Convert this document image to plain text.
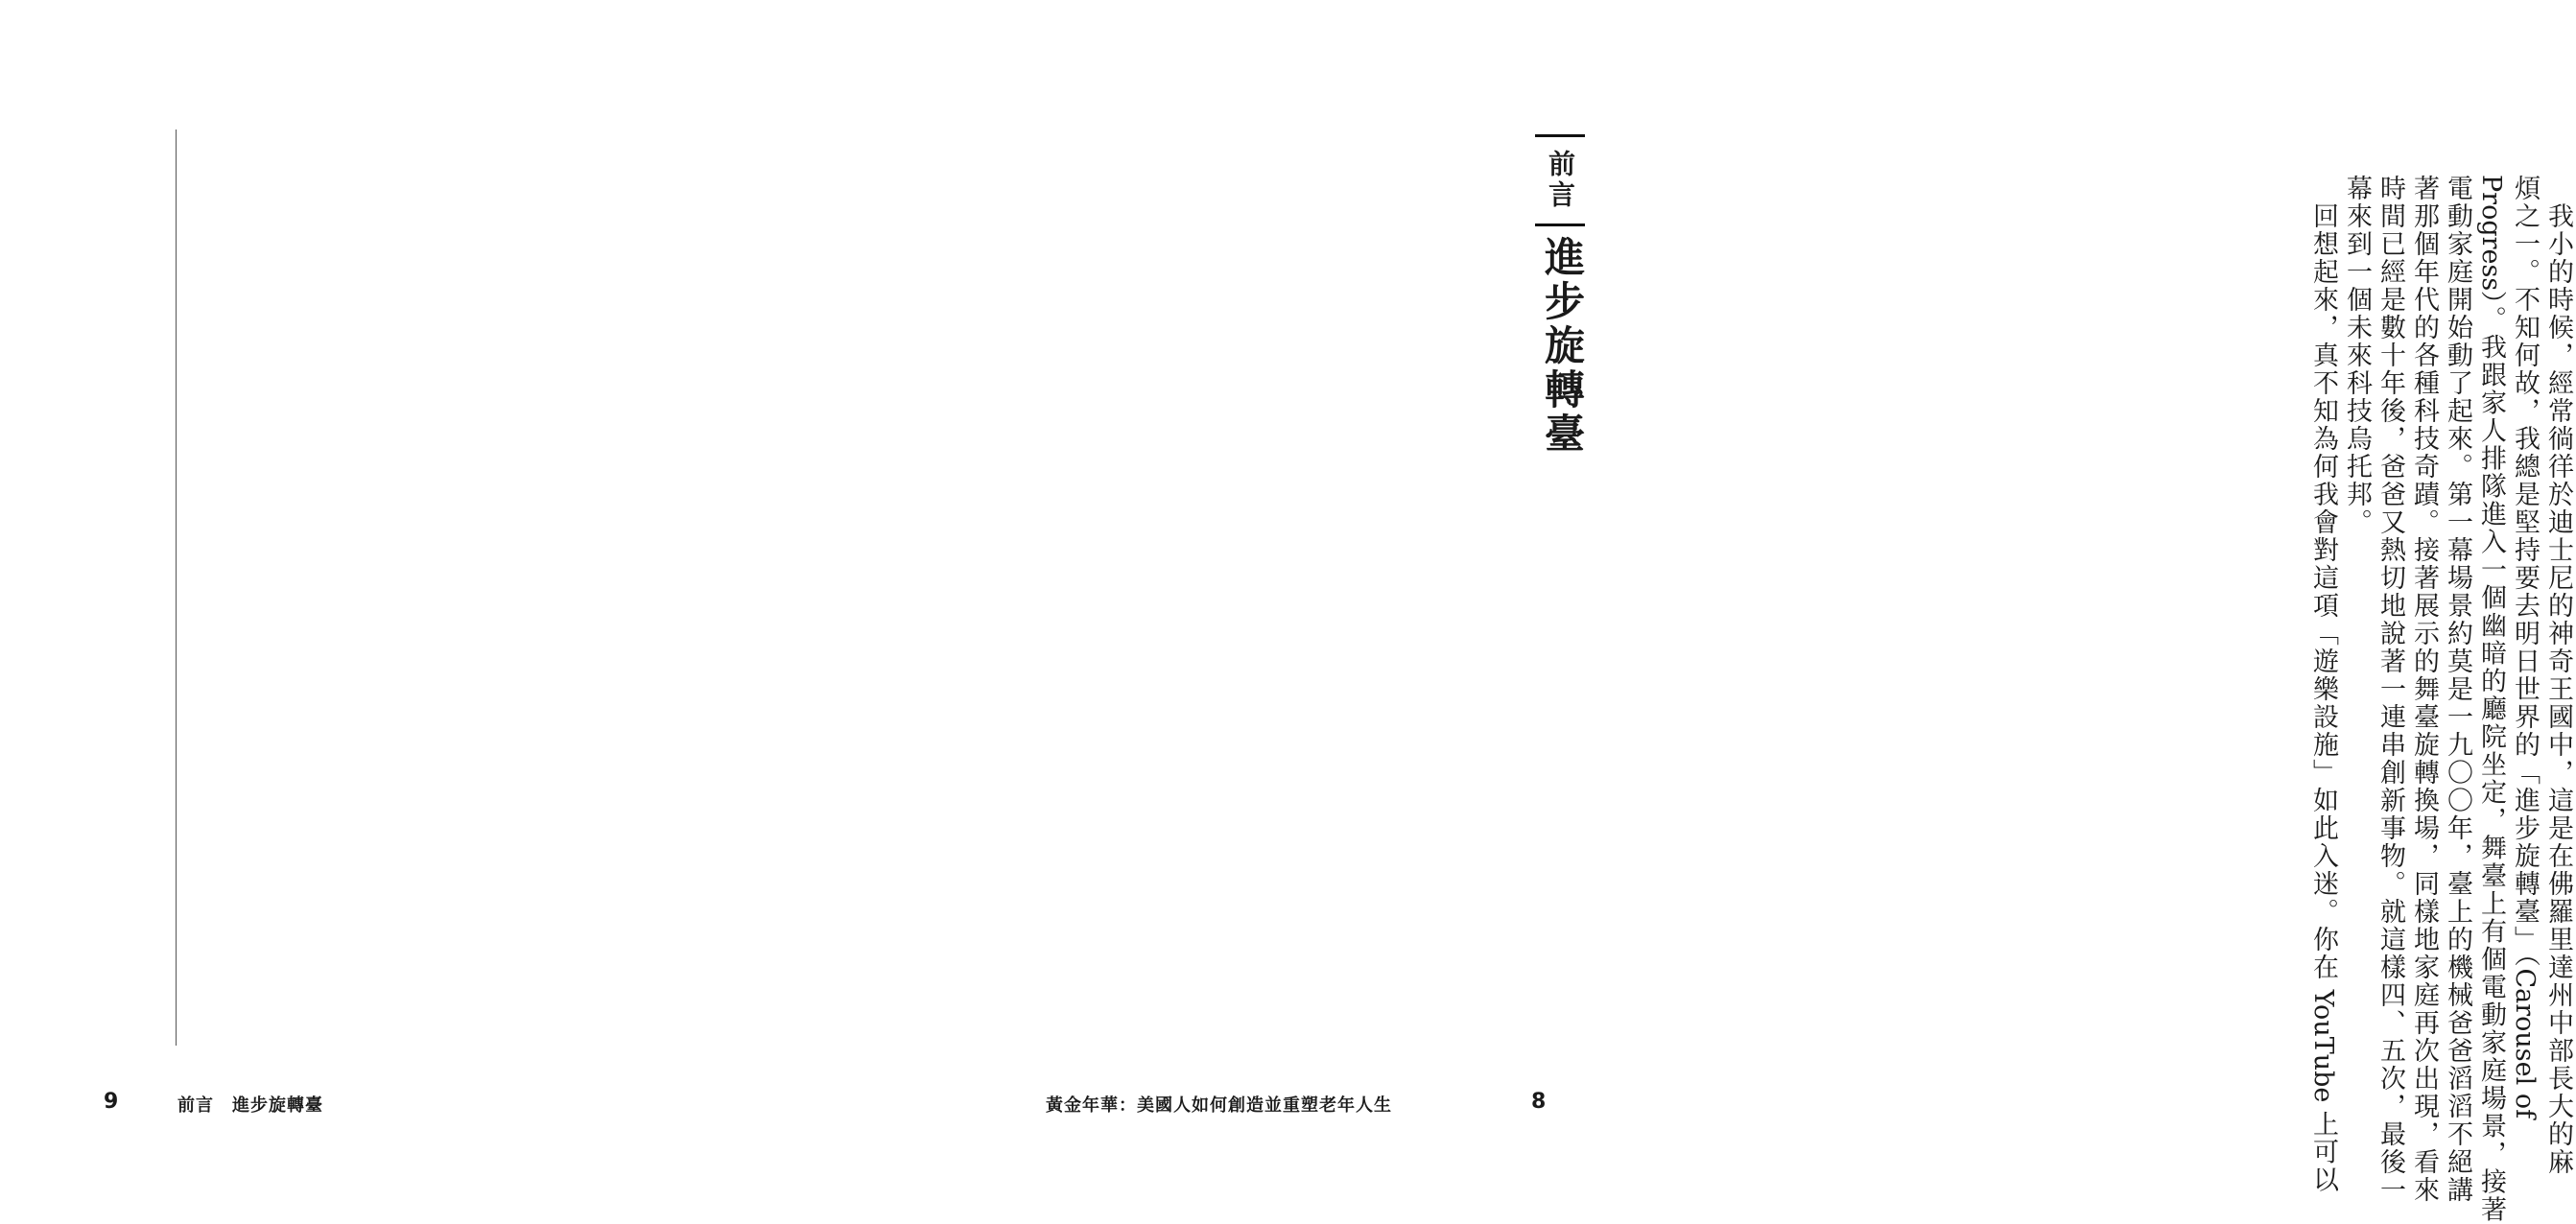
前言
進步旋轉臺	　我小的時候，經常徜徉於迪士尼的神奇王國中，這是在佛羅里達州中部長大的麻
煩之一。不知何故，我總是堅持要去明日世界的「進步旋轉臺」（Carousel of
Progress）。我跟家人排隊進入一個幽暗的廳院坐定，舞臺上有個電動家庭場景，接著
電動家庭開始動了起來。第一幕場景約莫是一九〇〇年，臺上的機械爸爸滔滔不絕講
著那個年代的各種科技奇蹟。接著展示的舞臺旋轉換場，同樣地家庭再次出現，看來
時間已經是數十年後，爸爸又熱切地說著一連串創新事物。就這樣四、五次，最後一
幕來到一個未來科技烏托邦。
　回想起來，真不知為何我會對這項「遊樂設施」如此入迷。你在 YouTube 上可以
黃金年華：美國人如何創造並重塑老年人生	8
9	前言　進步旋轉臺
